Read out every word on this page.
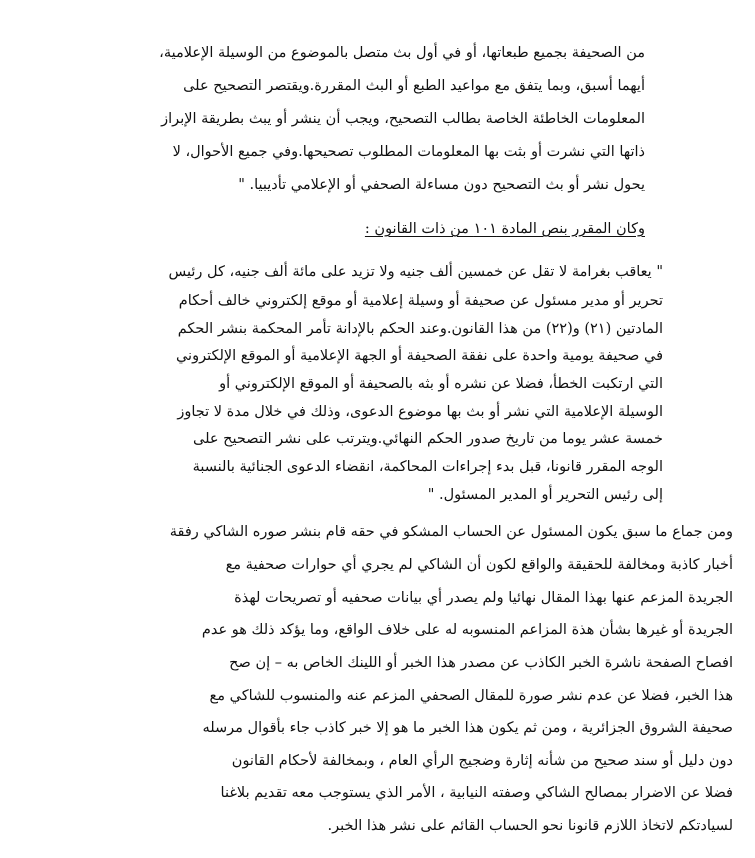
من الصحيفة بجميع طبعاتها، أو في أول بث متصل بالموضوع من الوسيلة الإعلامية،
أيهما أسبق، وبما يتفق مع مواعيد الطبع أو البث المقررة.ويقتصر التصحيح على
المعلومات الخاطئة الخاصة بطالب التصحيح، ويجب أن ينشر أو يبث بطريقة الإبراز
ذاتها التي نشرت أو بثت بها المعلومات المطلوب تصحيحها.وفي جميع الأحوال، لا
يحول نشر أو بث التصحيح دون مساءلة الصحفي أو الإعلامي تأديبيا. "
وكان المقرر بنص المادة ١٠١ من ذات القانون :
" يعاقب بغرامة لا تقل عن خمسين ألف جنيه ولا تزيد على مائة ألف جنيه، كل رئيس
تحرير أو مدير مسئول عن صحيفة أو وسيلة إعلامية أو موقع إلكتروني خالف أحكام
المادتين (٢١) و(٢٢) من هذا القانون.وعند الحكم بالإدانة تأمر المحكمة بنشر الحكم
في صحيفة يومية واحدة على نفقة الصحيفة أو الجهة الإعلامية أو الموقع الإلكتروني
التي ارتكبت الخطأ، فضلا عن نشره أو بثه بالصحيفة أو الموقع الإلكتروني أو
الوسيلة الإعلامية التي نشر أو بث بها موضوع الدعوى، وذلك في خلال مدة لا تجاوز
خمسة عشر يوما من تاريخ صدور الحكم النهائي.ويترتب على نشر التصحيح على
الوجه المقرر قانونا، قبل بدء إجراءات المحاكمة، انقضاء الدعوى الجنائية بالنسبة
إلى رئيس التحرير أو المدير المسئول. "
ومن جماع ما سبق يكون المسئول عن الحساب المشكو في حقه قام بنشر صوره الشاكي رفقة
أخبار كاذبة ومخالفة للحقيقة والواقع لكون أن الشاكي لم يجري أي حوارات صحفية مع
الجريدة المزعم عنها بهذا المقال نهائيا ولم يصدر أي بيانات صحفيه أو تصريحات لهذة
الجريدة أو غيرها بشأن هذة المزاعم المنسوبه له على خلاف الواقع، وما يؤكد ذلك هو عدم
افصاح الصفحة ناشرة الخبر الكاذب عن مصدر هذا الخبر أو اللينك الخاص به – إن صح
هذا الخبر، فضلا عن عدم نشر صورة للمقال الصحفي المزعم عنه والمنسوب للشاكي مع
صحيفة الشروق الجزائرية ، ومن ثم يكون هذا الخبر ما هو إلا خبر كاذب جاء بأقوال مرسله
دون دليل أو سند صحيح من شأنه إثارة وضجيج الرأي العام ، وبمخالفة لأحكام القانون
فضلا عن الاضرار بمصالح الشاكي وصفته النيابية ، الأمر الذي يستوجب معه تقديم بلاغنا
لسيادتكم لاتخاذ اللازم قانونا نحو الحساب القائم على نشر هذا الخبر.
